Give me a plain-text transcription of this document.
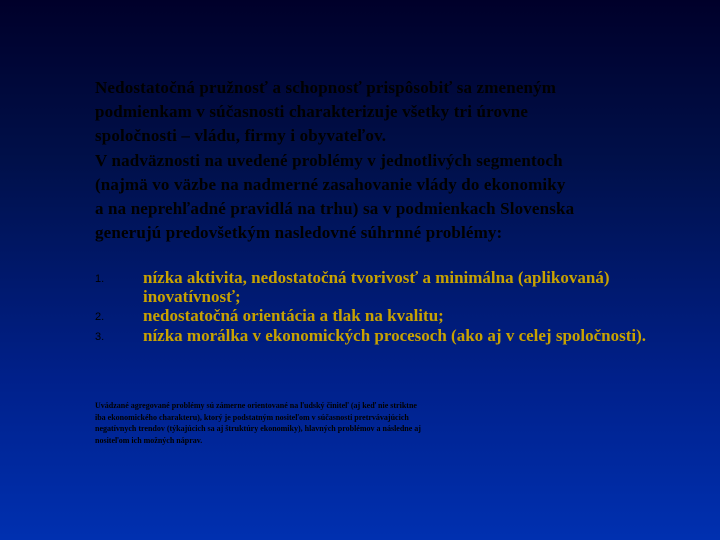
Nedostatočná pružnosť a schopnosť prispôsobiť sa zmeneným

podmienkam v súčasnosti charakterizuje všetky tri úrovne

spoločnosti – vládu, firmy i obyvateľov.

V nadväznosti na uvedené problémy v jednotlivých segmentoch

(najmä vo väzbe na nadmerné zasahovanie vlády do ekonomiky

a na neprehľadné pravidlá na trhu) sa v podmienkach Slovenska

generujú predovšetkým nasledovné súhrnné problémy:

1. nízka aktivita, nedostatočná tvorivosť a minimálna (aplikovaná) inovatívnosť;
2. nedostatočná orientácia a tlak na kvalitu;
3. nízka morálka v ekonomických procesoch (ako aj v celej spoločnosti).
Uvádzané agregované problémy sú zámerne orientované na ľudský činiteľ (aj keď nie striktne
iba ekonomického charakteru), ktorý je podstatným nositeľom v súčasnosti pretrvávajúcich
negatívnych trendov (týkajúcich sa aj štruktúry ekonomiky), hlavných problémov a následne aj
nositeľom ich možných náprav.
